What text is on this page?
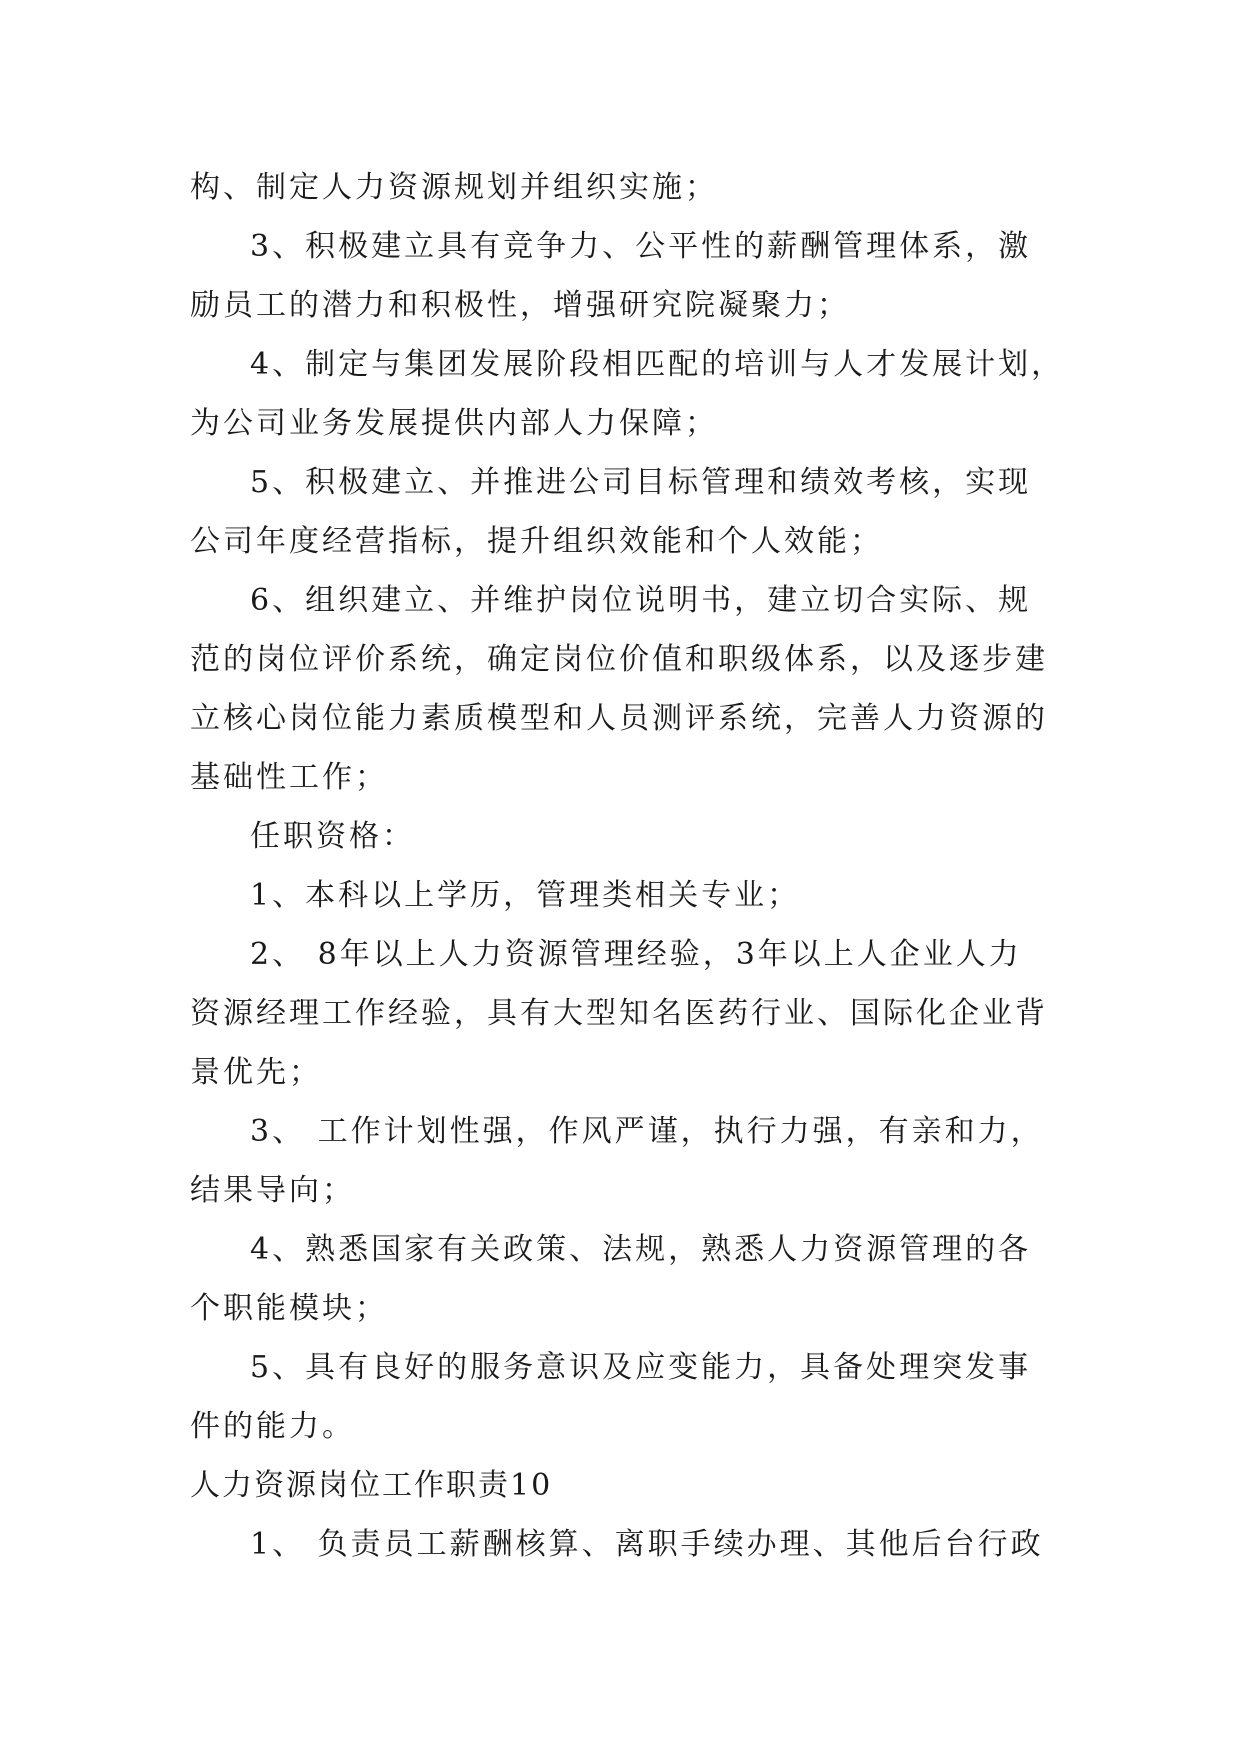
构、制定人力资源规划并组织实施；
3、积极建立具有竞争力、公平性的薪酬管理体系，激
励员工的潜力和积极性，增强研究院凝聚力；
4、制定与集团发展阶段相匹配的培训与人才发展计划，
为公司业务发展提供内部人力保障；
5、积极建立、并推进公司目标管理和绩效考核，实现
公司年度经营指标，提升组织效能和个人效能；
6、组织建立、并维护岗位说明书，建立切合实际、规
范的岗位评价系统，确定岗位价值和职级体系，以及逐步建
立核心岗位能力素质模型和人员测评系统，完善人力资源的
基础性工作；
任职资格：
1、本科以上学历，管理类相关专业；
2、 8年以上人力资源管理经验，3年以上人企业人力
资源经理工作经验，具有大型知名医药行业、国际化企业背
景优先；
3、 工作计划性强，作风严谨，执行力强，有亲和力，
结果导向；
4、熟悉国家有关政策、法规，熟悉人力资源管理的各
个职能模块；
5、具有良好的服务意识及应变能力，具备处理突发事
件的能力。
人力资源岗位工作职责10
1、 负责员工薪酬核算、离职手续办理、其他后台行政
